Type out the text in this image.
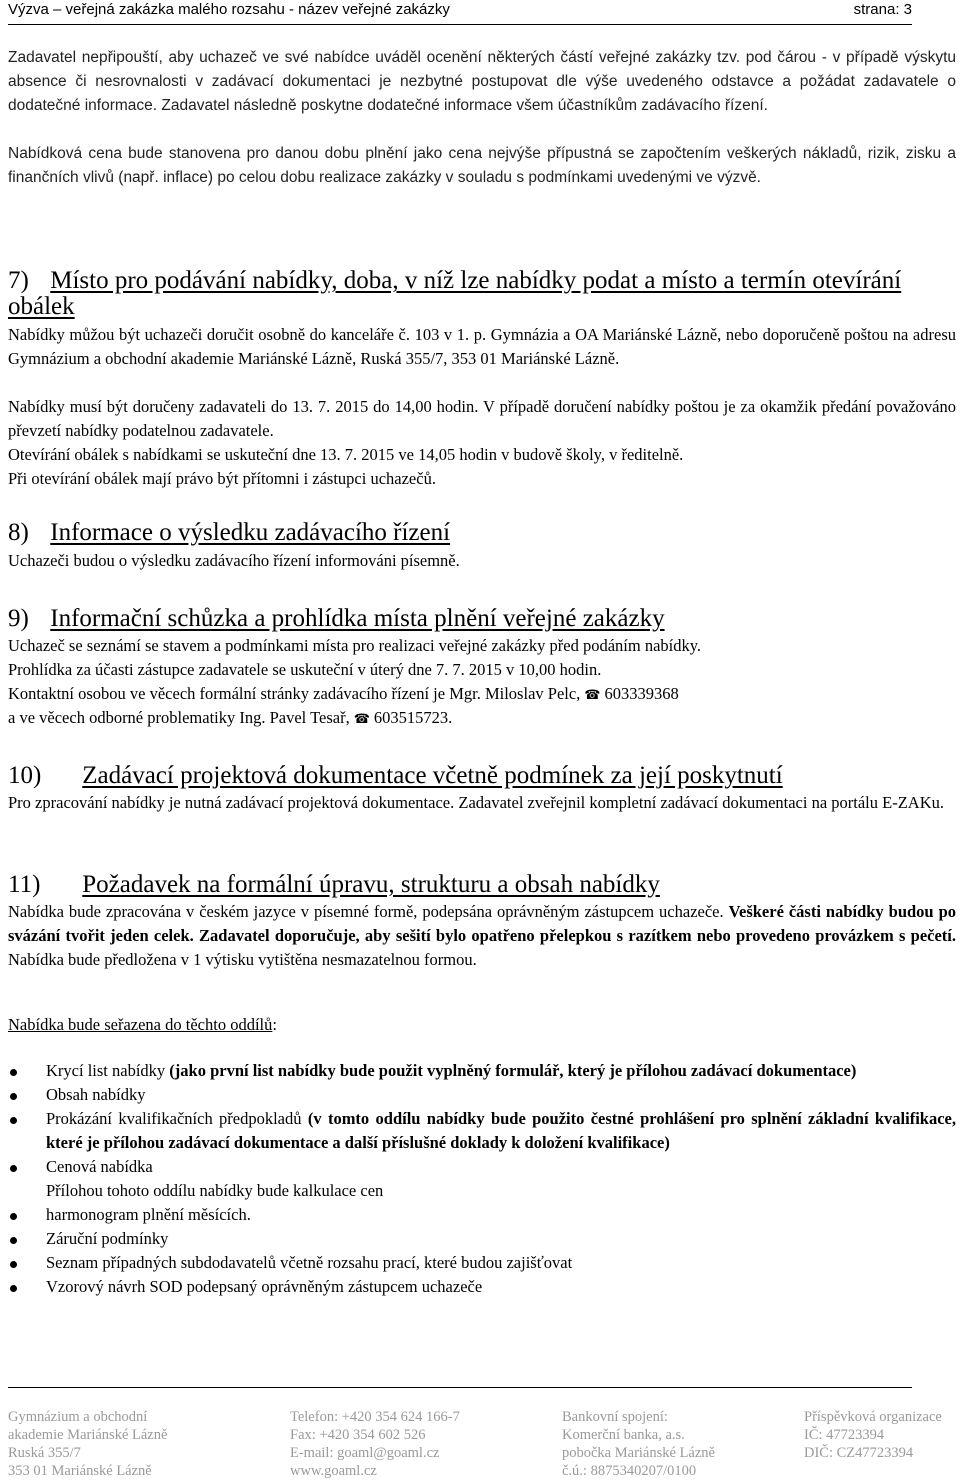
Výzva – veřejná zakázka malého rozsahu - název veřejné zakázky	strana: 3

Zadavatel nepřipouští, aby uchazeč ve své nabídce uváděl ocenění některých částí veřejné zakázky tzv. pod čárou - v případě výskytu absence či nesrovnalosti v zadávací dokumentaci je nezbytné postupovat dle výše uvedeného odstavce a požádat zadavatele o dodatečné informace. Zadavatel následně poskytne dodatečné informace všem účastníkům zadávacího řízení.

Nabídková cena bude stanovena pro danou dobu plnění jako cena nejvýše přípustná se započtením veškerých nákladů, rizik, zisku a finančních vlivů (např. inflace) po celou dobu realizace zakázky v souladu s podmínkami uvedenými ve výzvě.

7) Místo pro podávání nabídky, doba, v níž lze nabídky podat a místo a termín otevírání obálek

Nabídky můžou být uchazeči doručit osobně do kanceláře č. 103 v 1. p. Gymnázia a OA Mariánské Lázně, nebo doporučeně poštou na adresu Gymnázium a obchodní akademie Mariánské Lázně, Ruská 355/7, 353 01 Mariánské Lázně.

Nabídky musí být doručeny zadavateli do 13. 7. 2015 do 14,00 hodin. V případě doručení nabídky poštou je za okamžik předání považováno převzetí nabídky podatelnou zadavatele.

Otevírání obálek s nabídkami se uskuteční dne 13. 7. 2015 ve 14,05 hodin v budově školy, v ředitelně.

Při otevírání obálek mají právo být přítomni i zástupci uchazečů.

8) Informace o výsledku zadávacího řízení

Uchazeči budou o výsledku zadávacího řízení informováni písemně.

9) Informační schůzka a prohlídka místa plnění veřejné zakázky

Uchazeč se seznámí se stavem a podmínkami místa pro realizaci veřejné zakázky před podáním nabídky.

Prohlídka za účasti zástupce zadavatele se uskuteční v úterý dne 7. 7. 2015 v 10,00 hodin.

Kontaktní osobou ve věcech formální stránky zadávacího řízení je Mgr. Miloslav Pelc, ☎ 603339368

a ve věcech odborné problematiky Ing. Pavel Tesař, ☎ 603515723.

10) Zadávací projektová dokumentace včetně podmínek za její poskytnutí

Pro zpracování nabídky je nutná zadávací projektová dokumentace. Zadavatel zveřejnil kompletní zadávací dokumentaci na portálu E-ZAKu.

11) Požadavek na formální úpravu, strukturu a obsah nabídky

Nabídka bude zpracována v českém jazyce v písemné formě, podepsána oprávněným zástupcem uchazeče. Veškeré části nabídky budou po svázání tvořit jeden celek. Zadavatel doporučuje, aby sešití bylo opatřeno přelepkou s razítkem nebo provedeno provázkem s pečetí. Nabídka bude předložena v 1 výtisku vytištěna nesmazatelnou formou.

Nabídka bude seřazena do těchto oddílů:

Krycí list nabídky (jako první list nabídky bude použit vyplněný formulář, který je přílohou zadávací dokumentace)
Obsah nabídky
Prokázání kvalifikačních předpokladů (v tomto oddílu nabídky bude použito čestné prohlášení pro splnění základní kvalifikace, které je přílohou zadávací dokumentace a další příslušné doklady k doložení kvalifikace)
Cenová nabídka
Přílohou tohoto oddílu nabídky bude kalkulace cen
harmonogram plnění měsících.
Záruční podmínky
Seznam případných subdodavatelů včetně rozsahu prací, které budou zajišťovat
Vzorový návrh SOD podepsaný oprávněným zástupcem uchazeče
Gymnázium a obchodní
akademie Mariánské Lázně
Ruská 355/7
353 01 Mariánské Lázně
Telefon: +420 354 624 166-7
Fax: +420 354 602 526
E-mail: goaml@goaml.cz
www.goaml.cz
Bankovní spojení:
Komerční banka, a.s.
pobočka Mariánské Lázně
č.ú.: 8875340207/0100
Příspěvková organizace
IČ: 47723394
DIČ: CZ47723394
